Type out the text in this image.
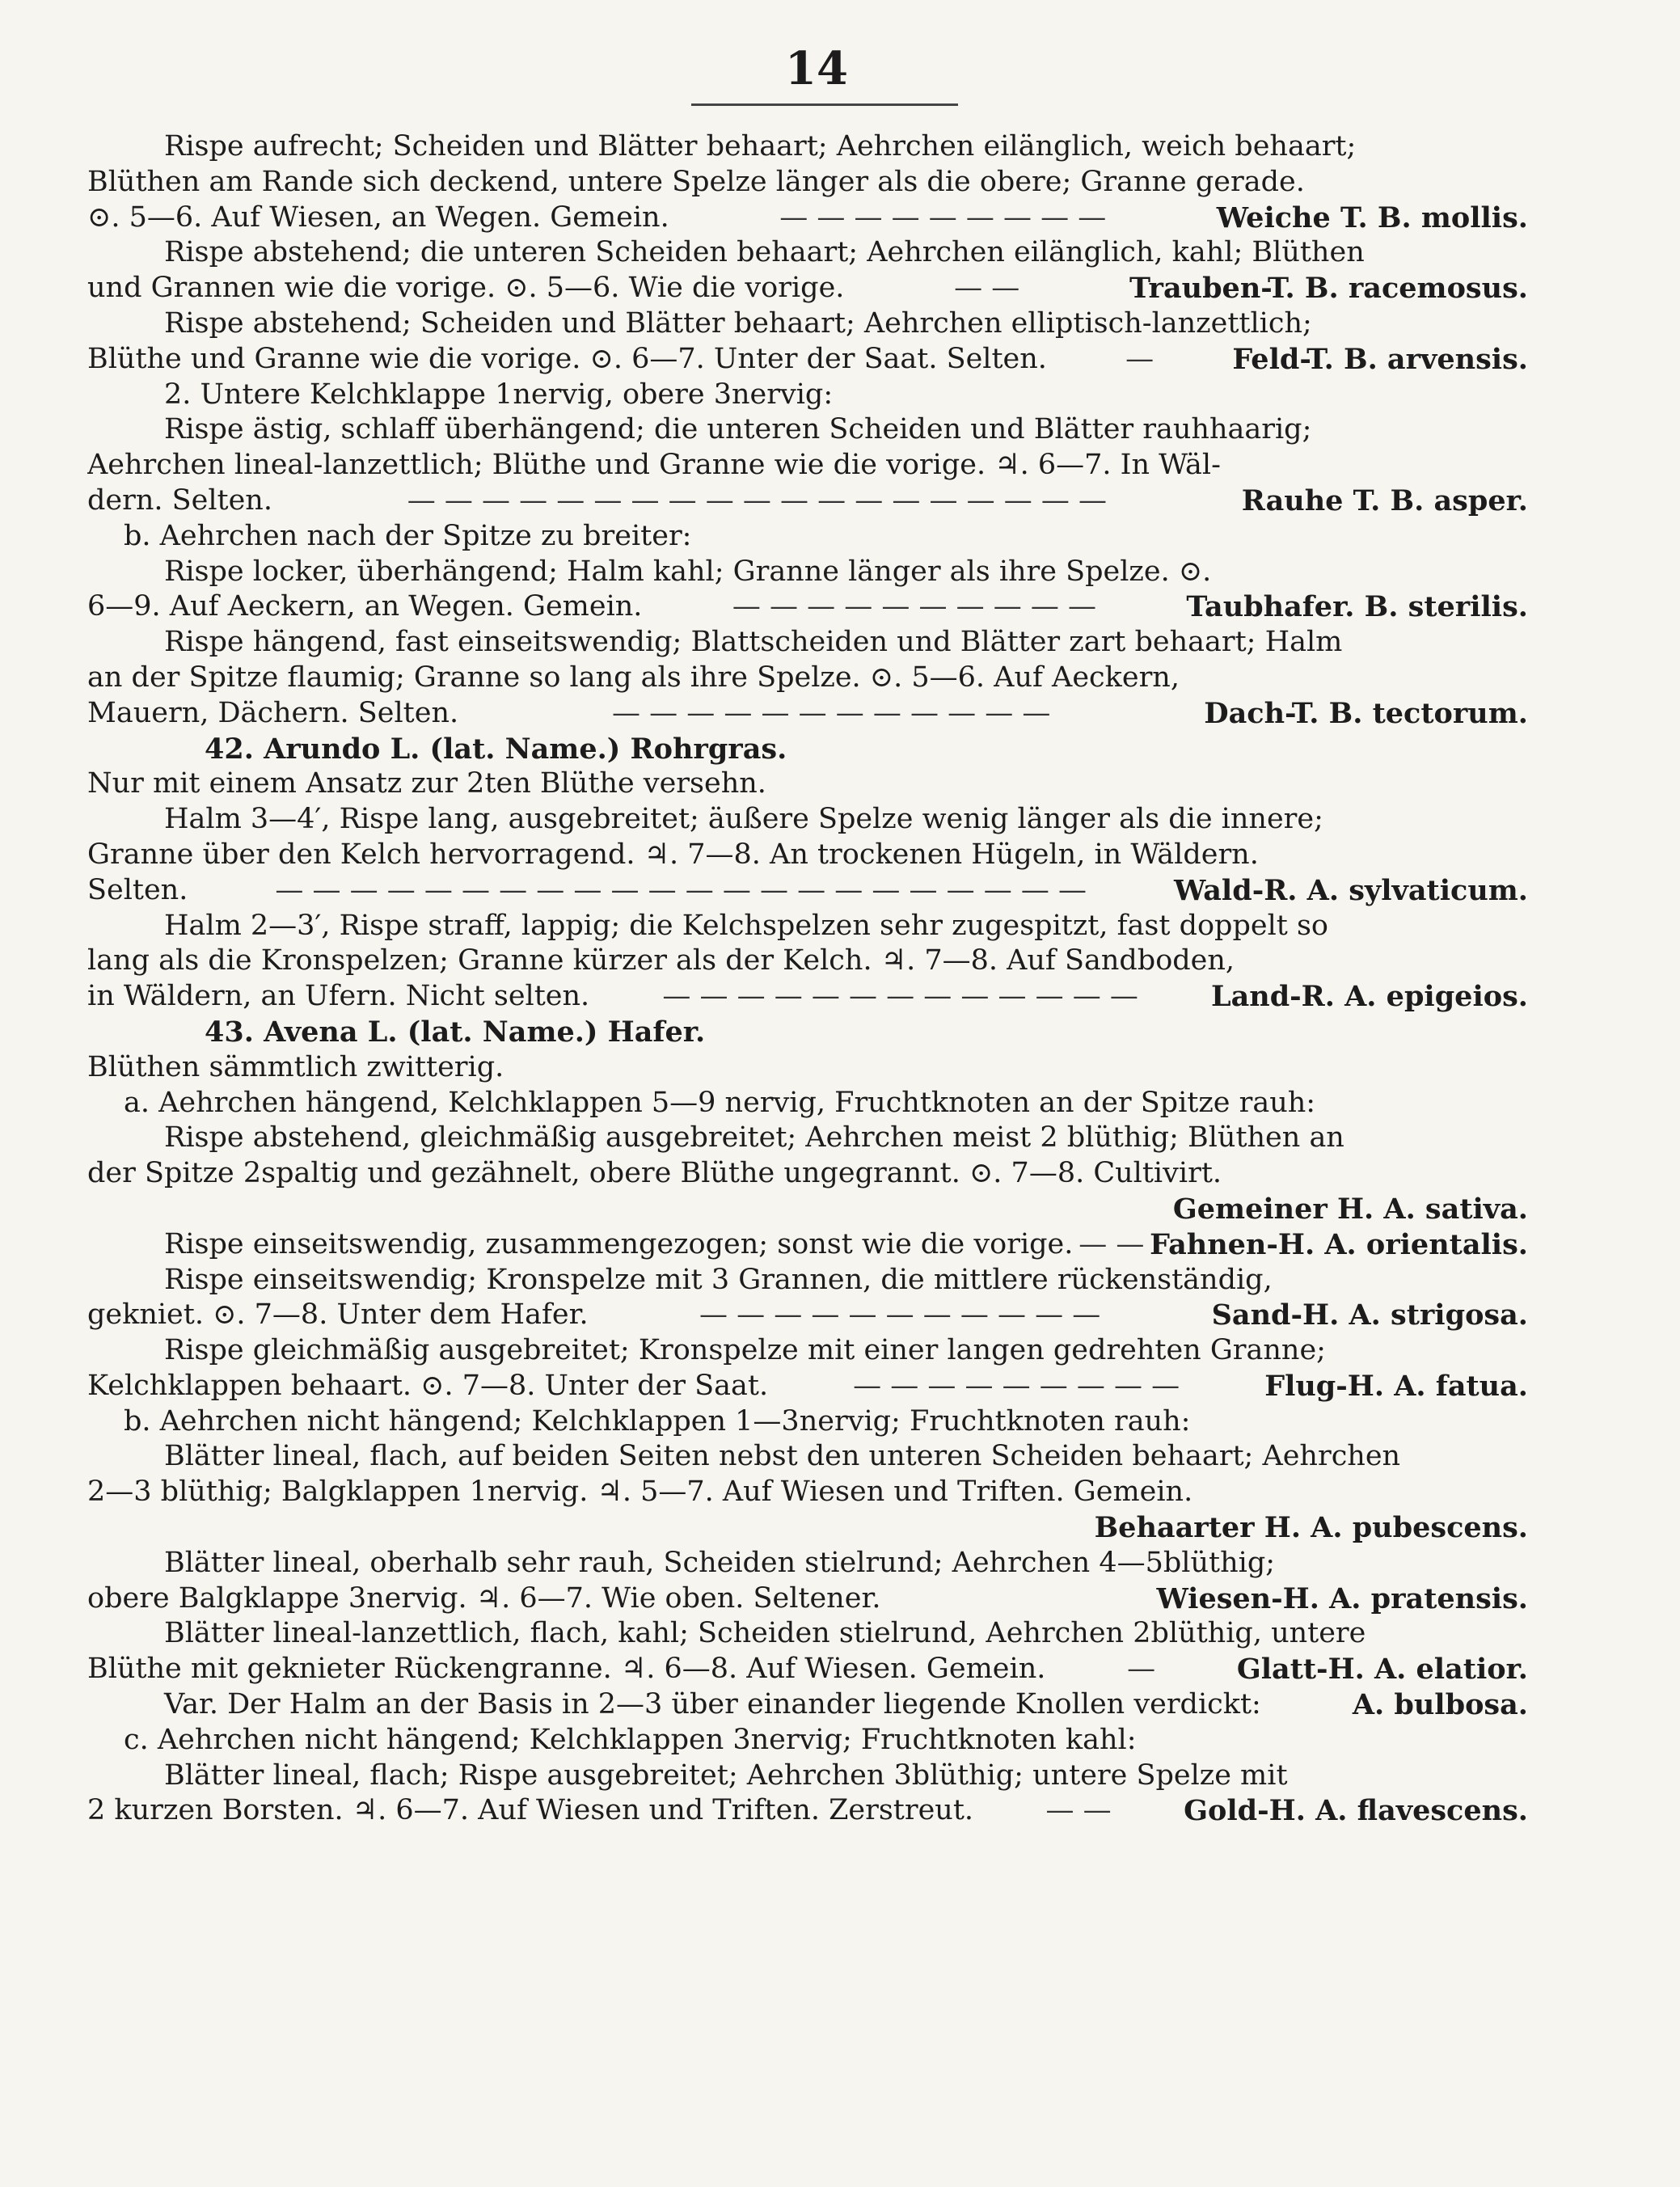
14
Rispe aufrecht; Scheiden und Blätter behaart; Aehrchen eilänglich, weich behaart;
Blüthen am Rande sich deckend, untere Spelze länger als die obere; Granne gerade.
⊙. 5—6. Auf Wiesen, an Wegen. Gemein.	— — — — — — — — —	Weiche T. B. mollis.
Rispe abstehend; die unteren Scheiden behaart; Aehrchen eilänglich, kahl; Blüthen
und Grannen wie die vorige. ⊙. 5—6. Wie die vorige.	— —	Trauben-T. B. racemosus.
Rispe abstehend; Scheiden und Blätter behaart; Aehrchen elliptisch-lanzettlich;
Blüthe und Granne wie die vorige. ⊙. 6—7. Unter der Saat. Selten.	—	Feld-T. B. arvensis.
2. Untere Kelchklappe 1nervig, obere 3nervig:
Rispe ästig, schlaff überhängend; die unteren Scheiden und Blätter rauhhaarig;
Aehrchen lineal-lanzettlich; Blüthe und Granne wie die vorige. ♃. 6—7. In Wäl-
dern. Selten.	— — — — — — — — — — — — — — — — — — —	Rauhe T. B. asper.
b. Aehrchen nach der Spitze zu breiter:
Rispe locker, überhängend; Halm kahl; Granne länger als ihre Spelze. ⊙.
6—9. Auf Aeckern, an Wegen. Gemein.	— — — — — — — — — —	Taubhafer. B. sterilis.
Rispe hängend, fast einseitswendig; Blattscheiden und Blätter zart behaart; Halm
an der Spitze flaumig; Granne so lang als ihre Spelze. ⊙. 5—6. Auf Aeckern,
Mauern, Dächern. Selten.	— — — — — — — — — — — —	Dach-T. B. tectorum.
42. Arundo L. (lat. Name.) Rohrgras.
Nur mit einem Ansatz zur 2ten Blüthe versehn.
Halm 3—4′, Rispe lang, ausgebreitet; äußere Spelze wenig länger als die innere;
Granne über den Kelch hervorragend. ♃. 7—8. An trockenen Hügeln, in Wäldern.
Selten.	— — — — — — — — — — — — — — — — — — — — — —	Wald-R. A. sylvaticum.
Halm 2—3′, Rispe straff, lappig; die Kelchspelzen sehr zugespitzt, fast doppelt so
lang als die Kronspelzen; Granne kürzer als der Kelch. ♃. 7—8. Auf Sandboden,
in Wäldern, an Ufern. Nicht selten.	— — — — — — — — — — — — —	Land-R. A. epigeios.
43. Avena L. (lat. Name.) Hafer.
Blüthen sämmtlich zwitterig.
a. Aehrchen hängend, Kelchklappen 5—9 nervig, Fruchtknoten an der Spitze rauh:
Rispe abstehend, gleichmäßig ausgebreitet; Aehrchen meist 2 blüthig; Blüthen an
der Spitze 2spaltig und gezähnelt, obere Blüthe ungegrannt. ⊙. 7—8. Cultivirt.
Gemeiner H. A. sativa.
Rispe einseitswendig, zusammengezogen; sonst wie die vorige. — — Fahnen-H. A. orientalis.
Rispe einseitswendig; Kronspelze mit 3 Grannen, die mittlere rückenständig,
gekniet. ⊙. 7—8. Unter dem Hafer.	— — — — — — — — — — —	Sand-H. A. strigosa.
Rispe gleichmäßig ausgebreitet; Kronspelze mit einer langen gedrehten Granne;
Kelchklappen behaart. ⊙. 7—8. Unter der Saat.	— — — — — — — — —	Flug-H. A. fatua.
b. Aehrchen nicht hängend; Kelchklappen 1—3nervig; Fruchtknoten rauh:
Blätter lineal, flach, auf beiden Seiten nebst den unteren Scheiden behaart; Aehrchen
2—3 blüthig; Balgklappen 1nervig. ♃. 5—7. Auf Wiesen und Triften. Gemein.
Behaarter H. A. pubescens.
Blätter lineal, oberhalb sehr rauh, Scheiden stielrund; Aehrchen 4—5blüthig;
obere Balgklappe 3nervig. ♃. 6—7. Wie oben. Seltener.	Wiesen-H. A. pratensis.
Blätter lineal-lanzettlich, flach, kahl; Scheiden stielrund, Aehrchen 2blüthig, untere
Blüthe mit geknieter Rückengranne. ♃. 6—8. Auf Wiesen. Gemein.	—	Glatt-H. A. elatior.
Var. Der Halm an der Basis in 2—3 über einander liegende Knollen verdickt:	A. bulbosa.
c. Aehrchen nicht hängend; Kelchklappen 3nervig; Fruchtknoten kahl:
Blätter lineal, flach; Rispe ausgebreitet; Aehrchen 3blüthig; untere Spelze mit
2 kurzen Borsten. ♃. 6—7. Auf Wiesen und Triften. Zerstreut.	— —	Gold-H. A. flavescens.
